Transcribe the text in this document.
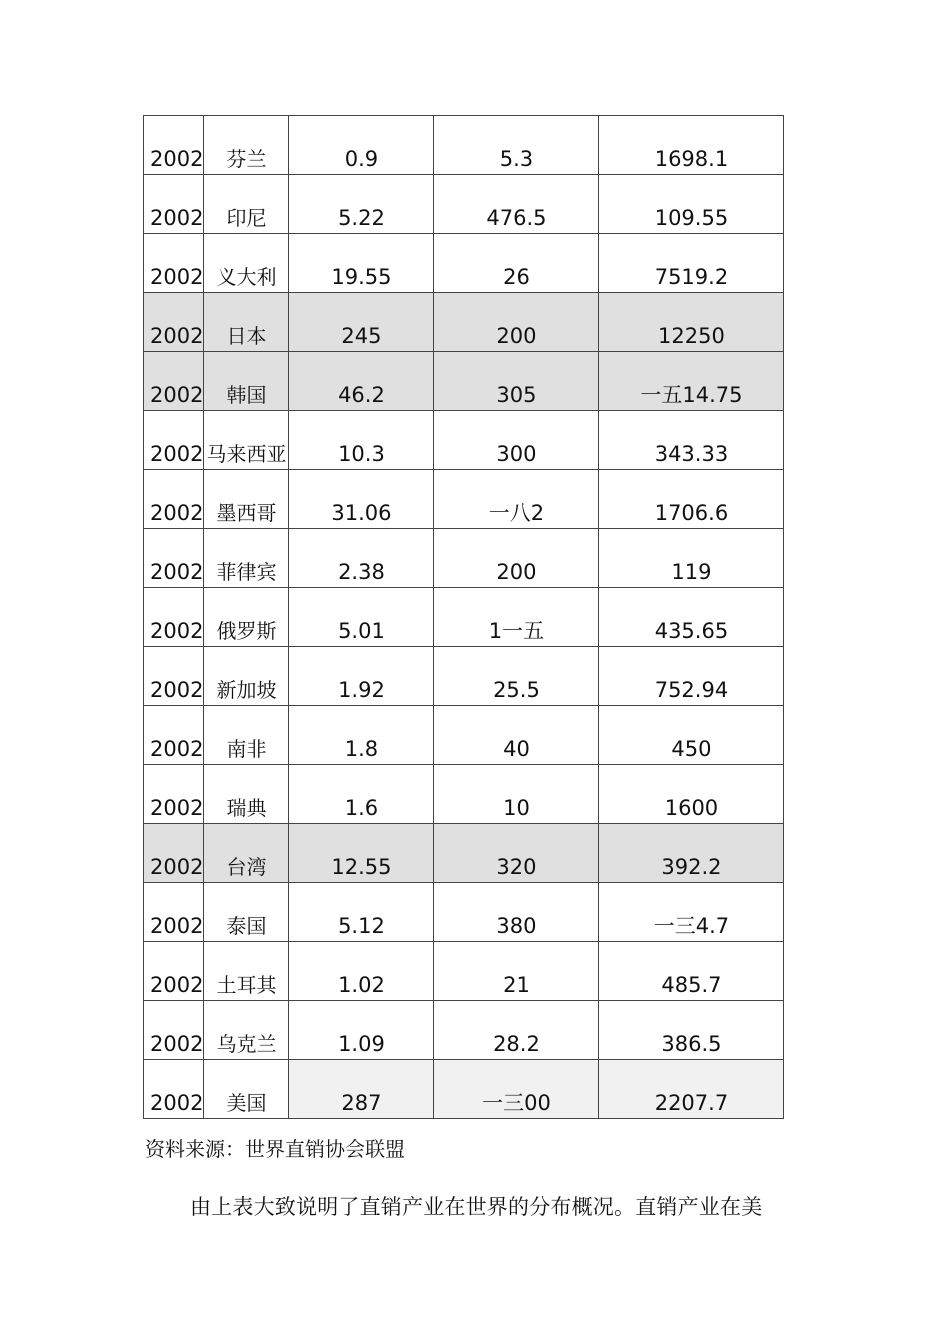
2002	芬兰	0.9	5.3	1698.1
2002	印尼	5.22	476.5	109.55
2002	义大利	19.55	26	7519.2
2002	日本	245	200	12250
2002	韩国	46.2	305	一五14.75
2002	马来西亚	10.3	300	343.33
2002	墨西哥	31.06	一八2	1706.6
2002	菲律宾	2.38	200	119
2002	俄罗斯	5.01	1一五	435.65
2002	新加坡	1.92	25.5	752.94
2002	南非	1.8	40	450
2002	瑞典	1.6	10	1600
2002	台湾	12.55	320	392.2
2002	泰国	5.12	380	一三4.7
2002	土耳其	1.02	21	485.7
2002	乌克兰	1.09	28.2	386.5
2002	美国	287	一三00	2207.7
资料来源：世界直销协会联盟
由上表大致说明了直销产业在世界的分布概况。直销产业在美
